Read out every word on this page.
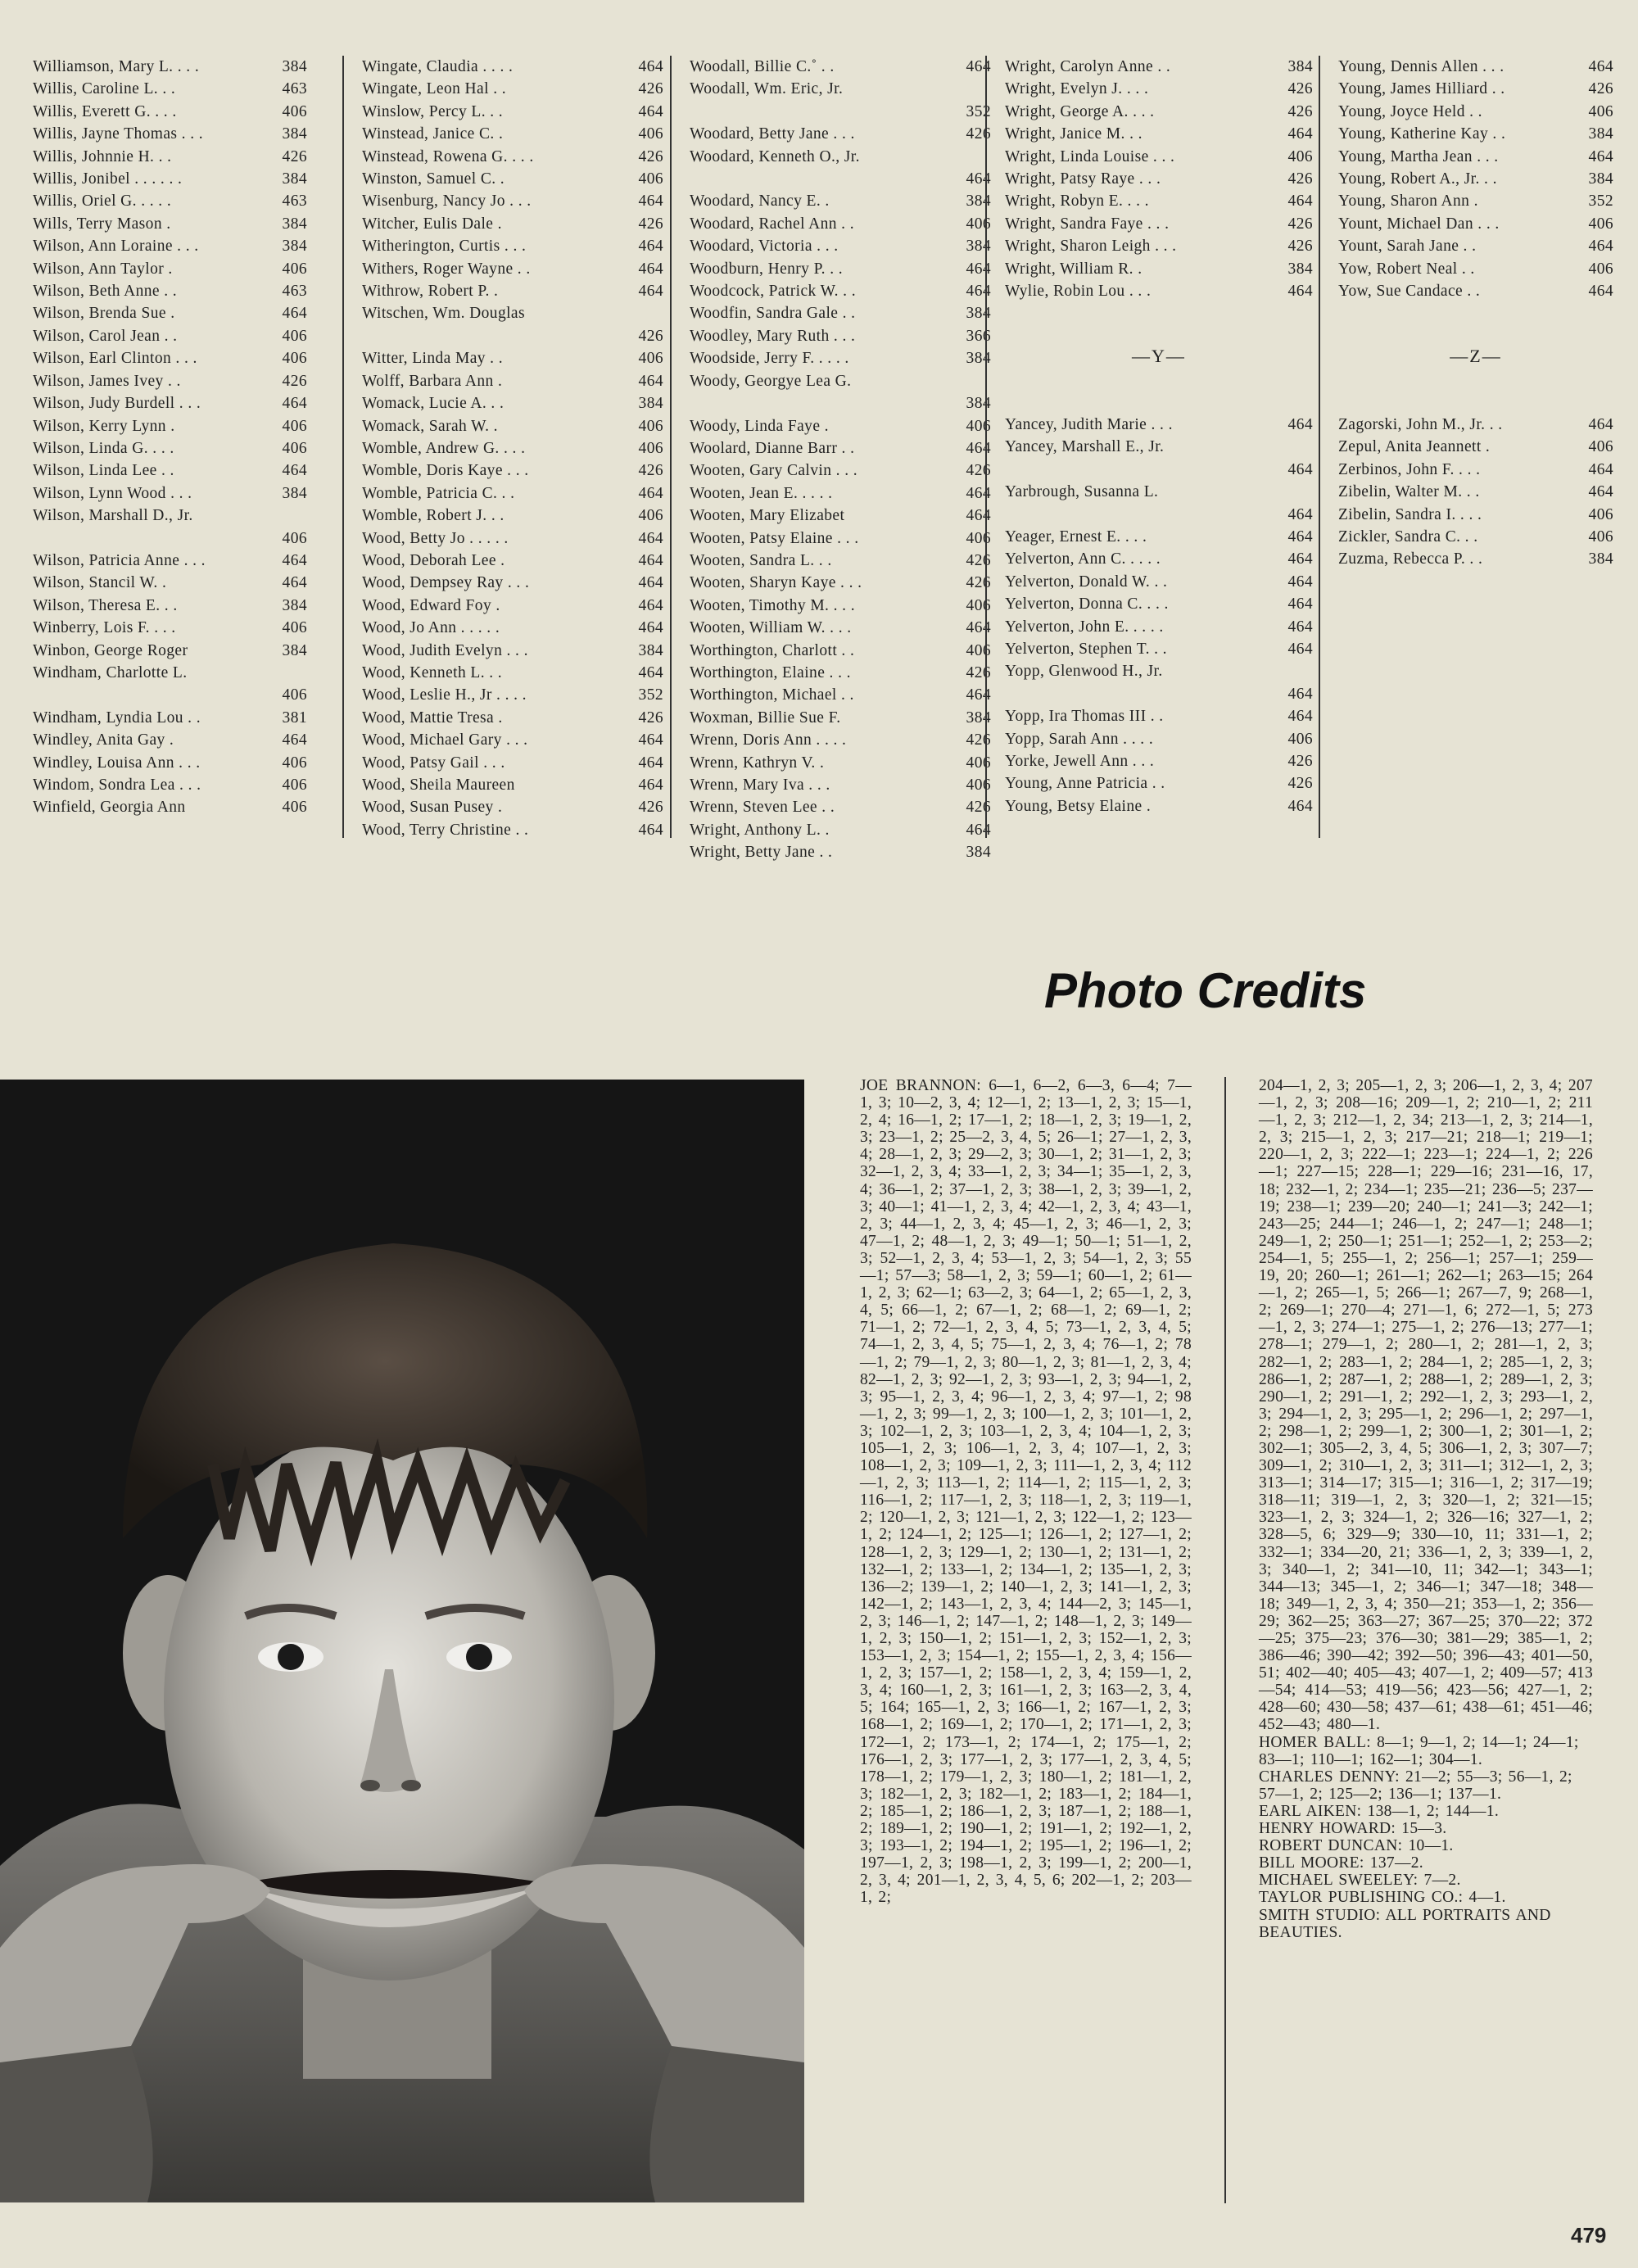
384
Williamson, Mary L. . . .
463
Willis, Caroline L. . .
406
Willis, Everett G. . . .
384
Willis, Jayne Thomas . . .
426
Willis, Johnnie H. . .
384
Willis, Jonibel . . . . . .
463
Willis, Oriel G. . . . .
384
Wills, Terry Mason .
384
Wilson, Ann Loraine . . .
406
Wilson, Ann Taylor .
463
Wilson, Beth Anne . .
464
Wilson, Brenda Sue .
406
Wilson, Carol Jean . .
406
Wilson, Earl Clinton . . .
426
Wilson, James Ivey . .
464
Wilson, Judy Burdell . . .
406
Wilson, Kerry Lynn .
406
Wilson, Linda G. . . .
464
Wilson, Linda Lee . .
384
Wilson, Lynn Wood . . .
Wilson, Marshall D., Jr.
406
464
Wilson, Patricia Anne . . .
464
Wilson, Stancil W. .
384
Wilson, Theresa E. . .
406
Winberry, Lois F. . . .
384
Winbon, George Roger
Windham, Charlotte L.
406
381
Windham, Lyndia Lou . .
464
Windley, Anita Gay .
406
Windley, Louisa Ann . . .
406
Windom, Sondra Lea . . .
406
Winfield, Georgia Ann
464
Wingate, Claudia . . . .
426
Wingate, Leon Hal . .
464
Winslow, Percy L. . .
406
Winstead, Janice C. .
426
Winstead, Rowena G. . . .
406
Winston, Samuel C. .
464
Wisenburg, Nancy Jo . . .
426
Witcher, Eulis Dale .
464
Witherington, Curtis . . .
464
Withers, Roger Wayne . .
464
Withrow, Robert P. .
Witschen, Wm. Douglas
426
406
Witter, Linda May . .
464
Wolff, Barbara Ann .
384
Womack, Lucie A. . .
406
Womack, Sarah W. .
406
Womble, Andrew G. . . .
426
Womble, Doris Kaye . . .
464
Womble, Patricia C. . .
406
Womble, Robert J. . .
464
Wood, Betty Jo . . . . .
464
Wood, Deborah Lee .
464
Wood, Dempsey Ray . . .
464
Wood, Edward Foy .
464
Wood, Jo Ann . . . . .
384
Wood, Judith Evelyn . . .
464
Wood, Kenneth L. . .
352
Wood, Leslie H., Jr . . . .
426
Wood, Mattie Tresa .
464
Wood, Michael Gary . . .
464
Wood, Patsy Gail . . .
464
Wood, Sheila Maureen
426
Wood, Susan Pusey .
464
Wood, Terry Christine . .
464
Woodall, Billie C.˚ . .
Woodall, Wm. Eric, Jr.
352
426
Woodard, Betty Jane . . .
Woodard, Kenneth O., Jr.
464
384
Woodard, Nancy E. .
406
Woodard, Rachel Ann . .
384
Woodard, Victoria . . .
464
Woodburn, Henry P. . .
464
Woodcock, Patrick W. . .
384
Woodfin, Sandra Gale . .
366
Woodley, Mary Ruth . . .
384
Woodside, Jerry F. . . . .
Woody, Georgye Lea G.
384
406
Woody, Linda Faye .
464
Woolard, Dianne Barr . .
426
Wooten, Gary Calvin . . .
464
Wooten, Jean E. . . . .
464
Wooten, Mary Elizabet
406
Wooten, Patsy Elaine . . .
426
Wooten, Sandra L. . .
426
Wooten, Sharyn Kaye . . .
406
Wooten, Timothy M. . . .
464
Wooten, William W. . . .
406
Worthington, Charlott . .
426
Worthington, Elaine . . .
464
Worthington, Michael . .
384
Woxman, Billie Sue F.
426
Wrenn, Doris Ann . . . .
406
Wrenn, Kathryn V. .
406
Wrenn, Mary Iva . . .
426
Wrenn, Steven Lee . .
464
Wright, Anthony L. .
384
Wright, Betty Jane . .
384
Wright, Carolyn Anne . .
426
Wright, Evelyn J. . . .
426
Wright, George A. . . .
464
Wright, Janice M. . .
406
Wright, Linda Louise . . .
426
Wright, Patsy Raye . . .
464
Wright, Robyn E. . . .
426
Wright, Sandra Faye . . .
426
Wright, Sharon Leigh . . .
384
Wright, William R. .
464
Wylie, Robin Lou . . .
—Y—
464
Yancey, Judith Marie . . .
Yancey, Marshall E., Jr.
464
Yarbrough, Susanna L.
464
464
Yeager, Ernest E. . . .
464
Yelverton, Ann C. . . . .
464
Yelverton, Donald W. . .
464
Yelverton, Donna C. . . .
464
Yelverton, John E. . . . .
464
Yelverton, Stephen T. . .
Yopp, Glenwood H., Jr.
464
464
Yopp, Ira Thomas III . .
406
Yopp, Sarah Ann . . . .
426
Yorke, Jewell Ann . . .
426
Young, Anne Patricia . .
464
Young, Betsy Elaine .
464
Young, Dennis Allen . . .
426
Young, James Hilliard . .
406
Young, Joyce Held . .
384
Young, Katherine Kay . .
464
Young, Martha Jean . . .
384
Young, Robert A., Jr. . .
352
Young, Sharon Ann .
406
Yount, Michael Dan . . .
464
Yount, Sarah Jane . .
406
Yow, Robert Neal . .
464
Yow, Sue Candace . .
—Z—
464
Zagorski, John M., Jr. . .
406
Zepul, Anita Jeannett .
464
Zerbinos, John F. . . .
464
Zibelin, Walter M. . .
406
Zibelin, Sandra I. . . .
406
Zickler, Sandra C. . .
384
Zuzma, Rebecca P. . .
Photo Credits
JOE BRANNON: 6—1, 6—2, 6—3, 6—4; 7—1, 3; 10—2, 3, 4; 12—1, 2; 13—1, 2, 3; 15—1, 2, 4; 16—1, 2; 17—1, 2; 18—1, 2, 3; 19—1, 2, 3; 23—1, 2; 25—2, 3, 4, 5; 26—1; 27—1, 2, 3, 4; 28—1, 2, 3; 29—2, 3; 30—1, 2; 31—1, 2, 3; 32—1, 2, 3, 4; 33—1, 2, 3; 34—1; 35—1, 2, 3, 4; 36—1, 2; 37—1, 2, 3; 38—1, 2, 3; 39—1, 2, 3; 40—1; 41—1, 2, 3, 4; 42—1, 2, 3, 4; 43—1, 2, 3; 44—1, 2, 3, 4; 45—1, 2, 3; 46—1, 2, 3; 47—1, 2; 48—1, 2, 3; 49—1; 50—1; 51—1, 2, 3; 52—1, 2, 3, 4; 53—1, 2, 3; 54—1, 2, 3; 55—1; 57—3; 58—1, 2, 3; 59—1; 60—1, 2; 61—1, 2, 3; 62—1; 63—2, 3; 64—1, 2; 65—1, 2, 3, 4, 5; 66—1, 2; 67—1, 2; 68—1, 2; 69—1, 2; 71—1, 2; 72—1, 2, 3, 4, 5; 73—1, 2, 3, 4, 5; 74—1, 2, 3, 4, 5; 75—1, 2, 3, 4; 76—1, 2; 78—1, 2; 79—1, 2, 3; 80—1, 2, 3; 81—1, 2, 3, 4; 82—1, 2, 3; 92—1, 2, 3; 93—1, 2, 3; 94—1, 2, 3; 95—1, 2, 3, 4; 96—1, 2, 3, 4; 97—1, 2; 98—1, 2, 3; 99—1, 2, 3; 100—1, 2, 3; 101—1, 2, 3; 102—1, 2, 3; 103—1, 2, 3, 4; 104—1, 2, 3; 105—1, 2, 3; 106—1, 2, 3, 4; 107—1, 2, 3; 108—1, 2, 3; 109—1, 2, 3; 111—1, 2, 3, 4; 112—1, 2, 3; 113—1, 2; 114—1, 2; 115—1, 2, 3; 116—1, 2; 117—1, 2, 3; 118—1, 2, 3; 119—1, 2; 120—1, 2, 3; 121—1, 2, 3; 122—1, 2; 123—1, 2; 124—1, 2; 125—1; 126—1, 2; 127—1, 2; 128—1, 2, 3; 129—1, 2; 130—1, 2; 131—1, 2; 132—1, 2; 133—1, 2; 134—1, 2; 135—1, 2, 3; 136—2; 139—1, 2; 140—1, 2, 3; 141—1, 2, 3; 142—1, 2; 143—1, 2, 3, 4; 144—2, 3; 145—1, 2, 3; 146—1, 2; 147—1, 2; 148—1, 2, 3; 149—1, 2, 3; 150—1, 2; 151—1, 2, 3; 152—1, 2, 3; 153—1, 2, 3; 154—1, 2; 155—1, 2, 3, 4; 156—1, 2, 3; 157—1, 2; 158—1, 2, 3, 4; 159—1, 2, 3, 4; 160—1, 2, 3; 161—1, 2, 3; 163—2, 3, 4, 5; 164; 165—1, 2, 3; 166—1, 2; 167—1, 2, 3; 168—1, 2; 169—1, 2; 170—1, 2; 171—1, 2, 3; 172—1, 2; 173—1, 2; 174—1, 2; 175—1, 2; 176—1, 2, 3; 177—1, 2, 3; 177—1, 2, 3, 4, 5; 178—1, 2; 179—1, 2, 3; 180—1, 2; 181—1, 2, 3; 182—1, 2, 3; 182—1, 2; 183—1, 2; 184—1, 2; 185—1, 2; 186—1, 2, 3; 187—1, 2; 188—1, 2; 189—1, 2; 190—1, 2; 191—1, 2; 192—1, 2, 3; 193—1, 2; 194—1, 2; 195—1, 2; 196—1, 2; 197—1, 2, 3; 198—1, 2, 3; 199—1, 2; 200—1, 2, 3, 4; 201—1, 2, 3, 4, 5, 6; 202—1, 2; 203—1, 2;
204—1, 2, 3; 205—1, 2, 3; 206—1, 2, 3, 4; 207—1, 2, 3; 208—16; 209—1, 2; 210—1, 2; 211—1, 2, 3; 212—1, 2, 34; 213—1, 2, 3; 214—1, 2, 3; 215—1, 2, 3; 217—21; 218—1; 219—1; 220—1, 2, 3; 222—1; 223—1; 224—1, 2; 226—1; 227—15; 228—1; 229—16; 231—16, 17, 18; 232—1, 2; 234—1; 235—21; 236—5; 237—19; 238—1; 239—20; 240—1; 241—3; 242—1; 243—25; 244—1; 246—1, 2; 247—1; 248—1; 249—1, 2; 250—1; 251—1; 252—1, 2; 253—2; 254—1, 5; 255—1, 2; 256—1; 257—1; 259—19, 20; 260—1; 261—1; 262—1; 263—15; 264—1, 2; 265—1, 5; 266—1; 267—7, 9; 268—1, 2; 269—1; 270—4; 271—1, 6; 272—1, 5; 273—1, 2, 3; 274—1; 275—1, 2; 276—13; 277—1; 278—1; 279—1, 2; 280—1, 2; 281—1, 2, 3; 282—1, 2; 283—1, 2; 284—1, 2; 285—1, 2, 3; 286—1, 2; 287—1, 2; 288—1, 2; 289—1, 2, 3; 290—1, 2; 291—1, 2; 292—1, 2, 3; 293—1, 2, 3; 294—1, 2, 3; 295—1, 2; 296—1, 2; 297—1, 2; 298—1, 2; 299—1, 2; 300—1, 2; 301—1, 2; 302—1; 305—2, 3, 4, 5; 306—1, 2, 3; 307—7; 309—1, 2; 310—1, 2, 3; 311—1; 312—1, 2, 3; 313—1; 314—17; 315—1; 316—1, 2; 317—19; 318—11; 319—1, 2, 3; 320—1, 2; 321—15; 323—1, 2, 3; 324—1, 2; 326—16; 327—1, 2; 328—5, 6; 329—9; 330—10, 11; 331—1, 2; 332—1; 334—20, 21; 336—1, 2, 3; 339—1, 2, 3; 340—1, 2; 341—10, 11; 342—1; 343—1; 344—13; 345—1, 2; 346—1; 347—18; 348—18; 349—1, 2, 3, 4; 350—21; 353—1, 2; 356—29; 362—25; 363—27; 367—25; 370—22; 372—25; 375—23; 376—30; 381—29; 385—1, 2; 386—46; 390—42; 392—50; 396—43; 401—50, 51; 402—40; 405—43; 407—1, 2; 409—57; 413—54; 414—53; 419—56; 423—56; 427—1, 2; 428—60; 430—58; 437—61; 438—61; 451—46; 452—43; 480—1.
HOMER BALL: 8—1; 9—1, 2; 14—1; 24—1; 83—1; 110—1; 162—1; 304—1.
CHARLES DENNY: 21—2; 55—3; 56—1, 2; 57—1, 2; 125—2; 136—1; 137—1.
EARL AIKEN: 138—1, 2; 144—1.
HENRY HOWARD: 15—3.
ROBERT DUNCAN: 10—1.
BILL MOORE: 137—2.
MICHAEL SWEELEY: 7—2.
TAYLOR PUBLISHING CO.: 4—1.
SMITH STUDIO: ALL PORTRAITS AND BEAUTIES.
479
